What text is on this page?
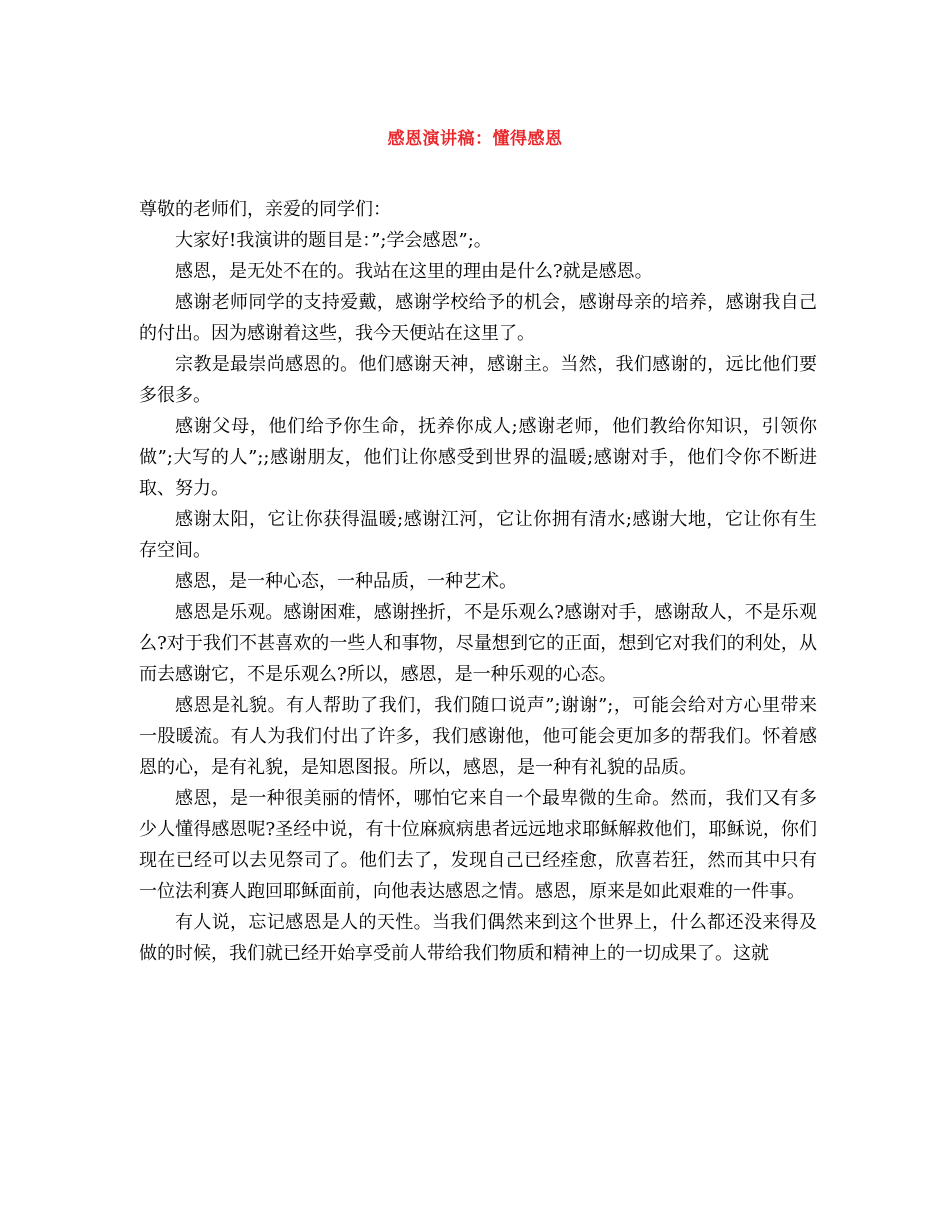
感恩演讲稿：懂得感恩

尊敬的老师们，亲爱的同学们：

大家好!我演讲的题目是：”;学会感恩”;。

感恩，是无处不在的。我站在这里的理由是什么?就是感恩。

感谢老师同学的支持爱戴，感谢学校给予的机会，感谢母亲的培养，感谢我自己的付出。因为感谢着这些，我今天便站在这里了。

宗教是最崇尚感恩的。他们感谢天神，感谢主。当然，我们感谢的，远比他们要多很多。

感谢父母，他们给予你生命，抚养你成人;感谢老师，他们教给你知识，引领你做”;大写的人”;;感谢朋友，他们让你感受到世界的温暖;感谢对手，他们令你不断进取、努力。

感谢太阳，它让你获得温暖;感谢江河，它让你拥有清水;感谢大地，它让你有生存空间。

感恩，是一种心态，一种品质，一种艺术。

感恩是乐观。感谢困难，感谢挫折，不是乐观么?感谢对手，感谢敌人，不是乐观么?对于我们不甚喜欢的一些人和事物，尽量想到它的正面，想到它对我们的利处，从而去感谢它，不是乐观么?所以，感恩，是一种乐观的心态。

感恩是礼貌。有人帮助了我们，我们随口说声”;谢谢”;，可能会给对方心里带来一股暖流。有人为我们付出了许多，我们感谢他，他可能会更加多的帮我们。怀着感恩的心，是有礼貌，是知恩图报。所以，感恩，是一种有礼貌的品质。

感恩，是一种很美丽的情怀，哪怕它来自一个最卑微的生命。然而，我们又有多少人懂得感恩呢?圣经中说，有十位麻疯病患者远远地求耶稣解救他们，耶稣说，你们现在已经可以去见祭司了。他们去了，发现自己已经痊愈，欣喜若狂，然而其中只有一位法利赛人跑回耶稣面前，向他表达感恩之情。感恩，原来是如此艰难的一件事。

有人说，忘记感恩是人的天性。当我们偶然来到这个世界上，什么都还没来得及做的时候，我们就已经开始享受前人带给我们物质和精神上的一切成果了。这就
